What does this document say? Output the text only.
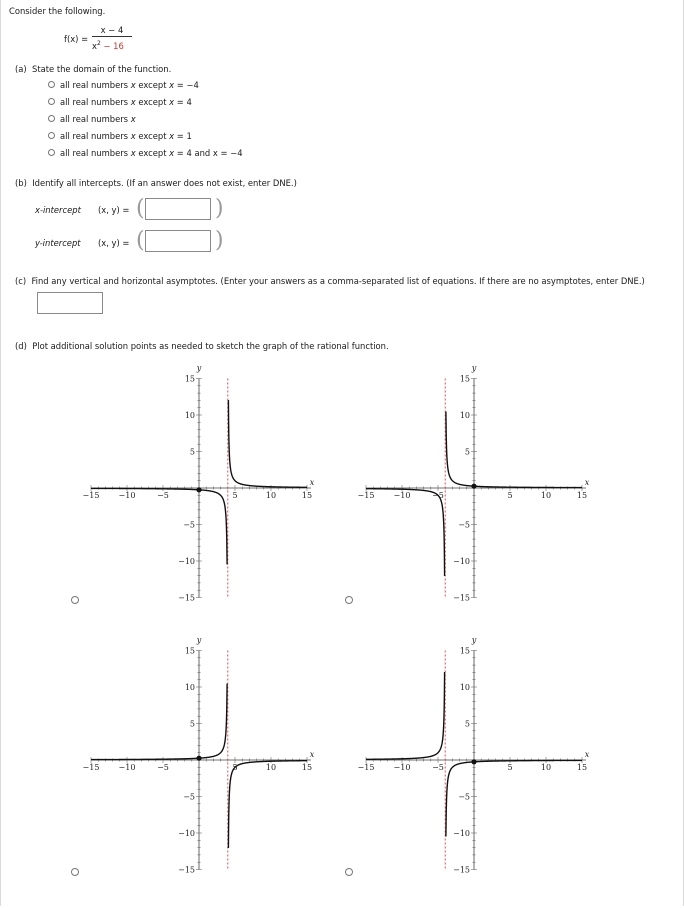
Consider the following.
f(x) =
x − 4
$x^2 - 16$
(a) State the domain of the function.
all real numbers x except x = −4
all real numbers x except x = 4
all real numbers x
all real numbers x except x = 1
all real numbers x except x = 4 and x = −4
(b) Identify all intercepts. (If an answer does not exist, enter DNE.)
x-intercept (x, y) = (	)
y-intercept (x, y) = (	)
(c) Find any vertical and horizontal asymptotes. (Enter your answers as a comma-separated list of equations. If there are no asymptotes, enter DNE.)
(d) Plot additional solution points as needed to sketch the graph of the rational function.
−15 −10	−5	5	10	15
15
10
5
−5
−10
−15
x
y
−15 −10	−5	5	10	15
15
10
5
−5
−10
−15
x
y
−15 −10	−5	5	10	15
15
10
5
−5
−10
−15
x
y
−15 −10	−5	5	10	15
15
10
5
−5
−10
−15
x
y
